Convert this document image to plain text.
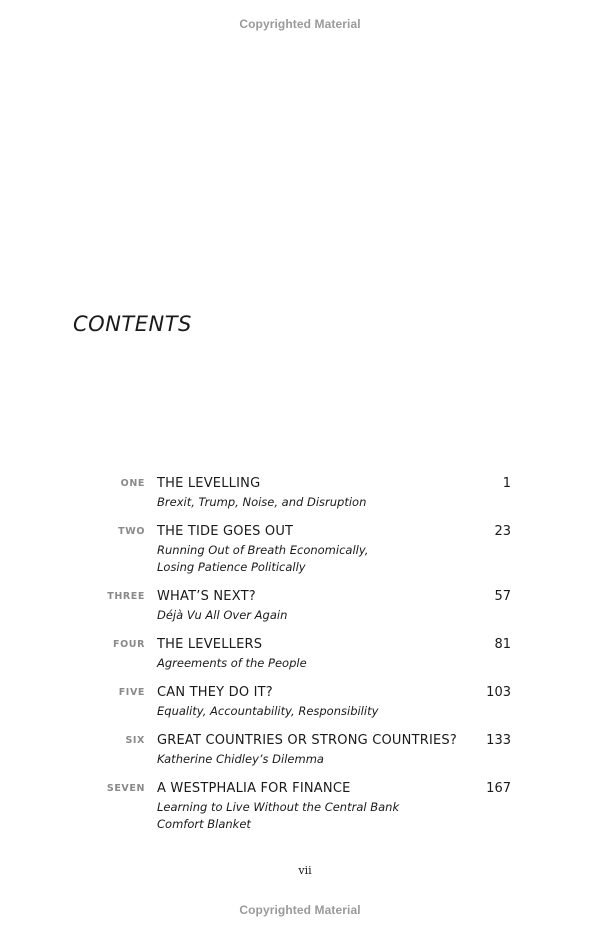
Copyrighted Material
CONTENTS
ONE THE LEVELLING
Brexit, Trump, Noise, and Disruption
1
TWO THE TIDE GOES OUT
Running Out of Breath Economically,
Losing Patience Politically
23
THREE WHAT’S NEXT?
Déjà Vu All Over Again
57
FOUR THE LEVELLERS
Agreements of the People
81
FIVE CAN THEY DO IT?
Equality, Accountability, Responsibility
103
SIX GREAT COUNTRIES OR STRONG COUNTRIES?
Katherine Chidley’s Dilemma
133
SEVEN A WESTPHALIA FOR FINANCE
Learning to Live Without the Central Bank
Comfort Blanket
167
vii
Copyrighted Material
